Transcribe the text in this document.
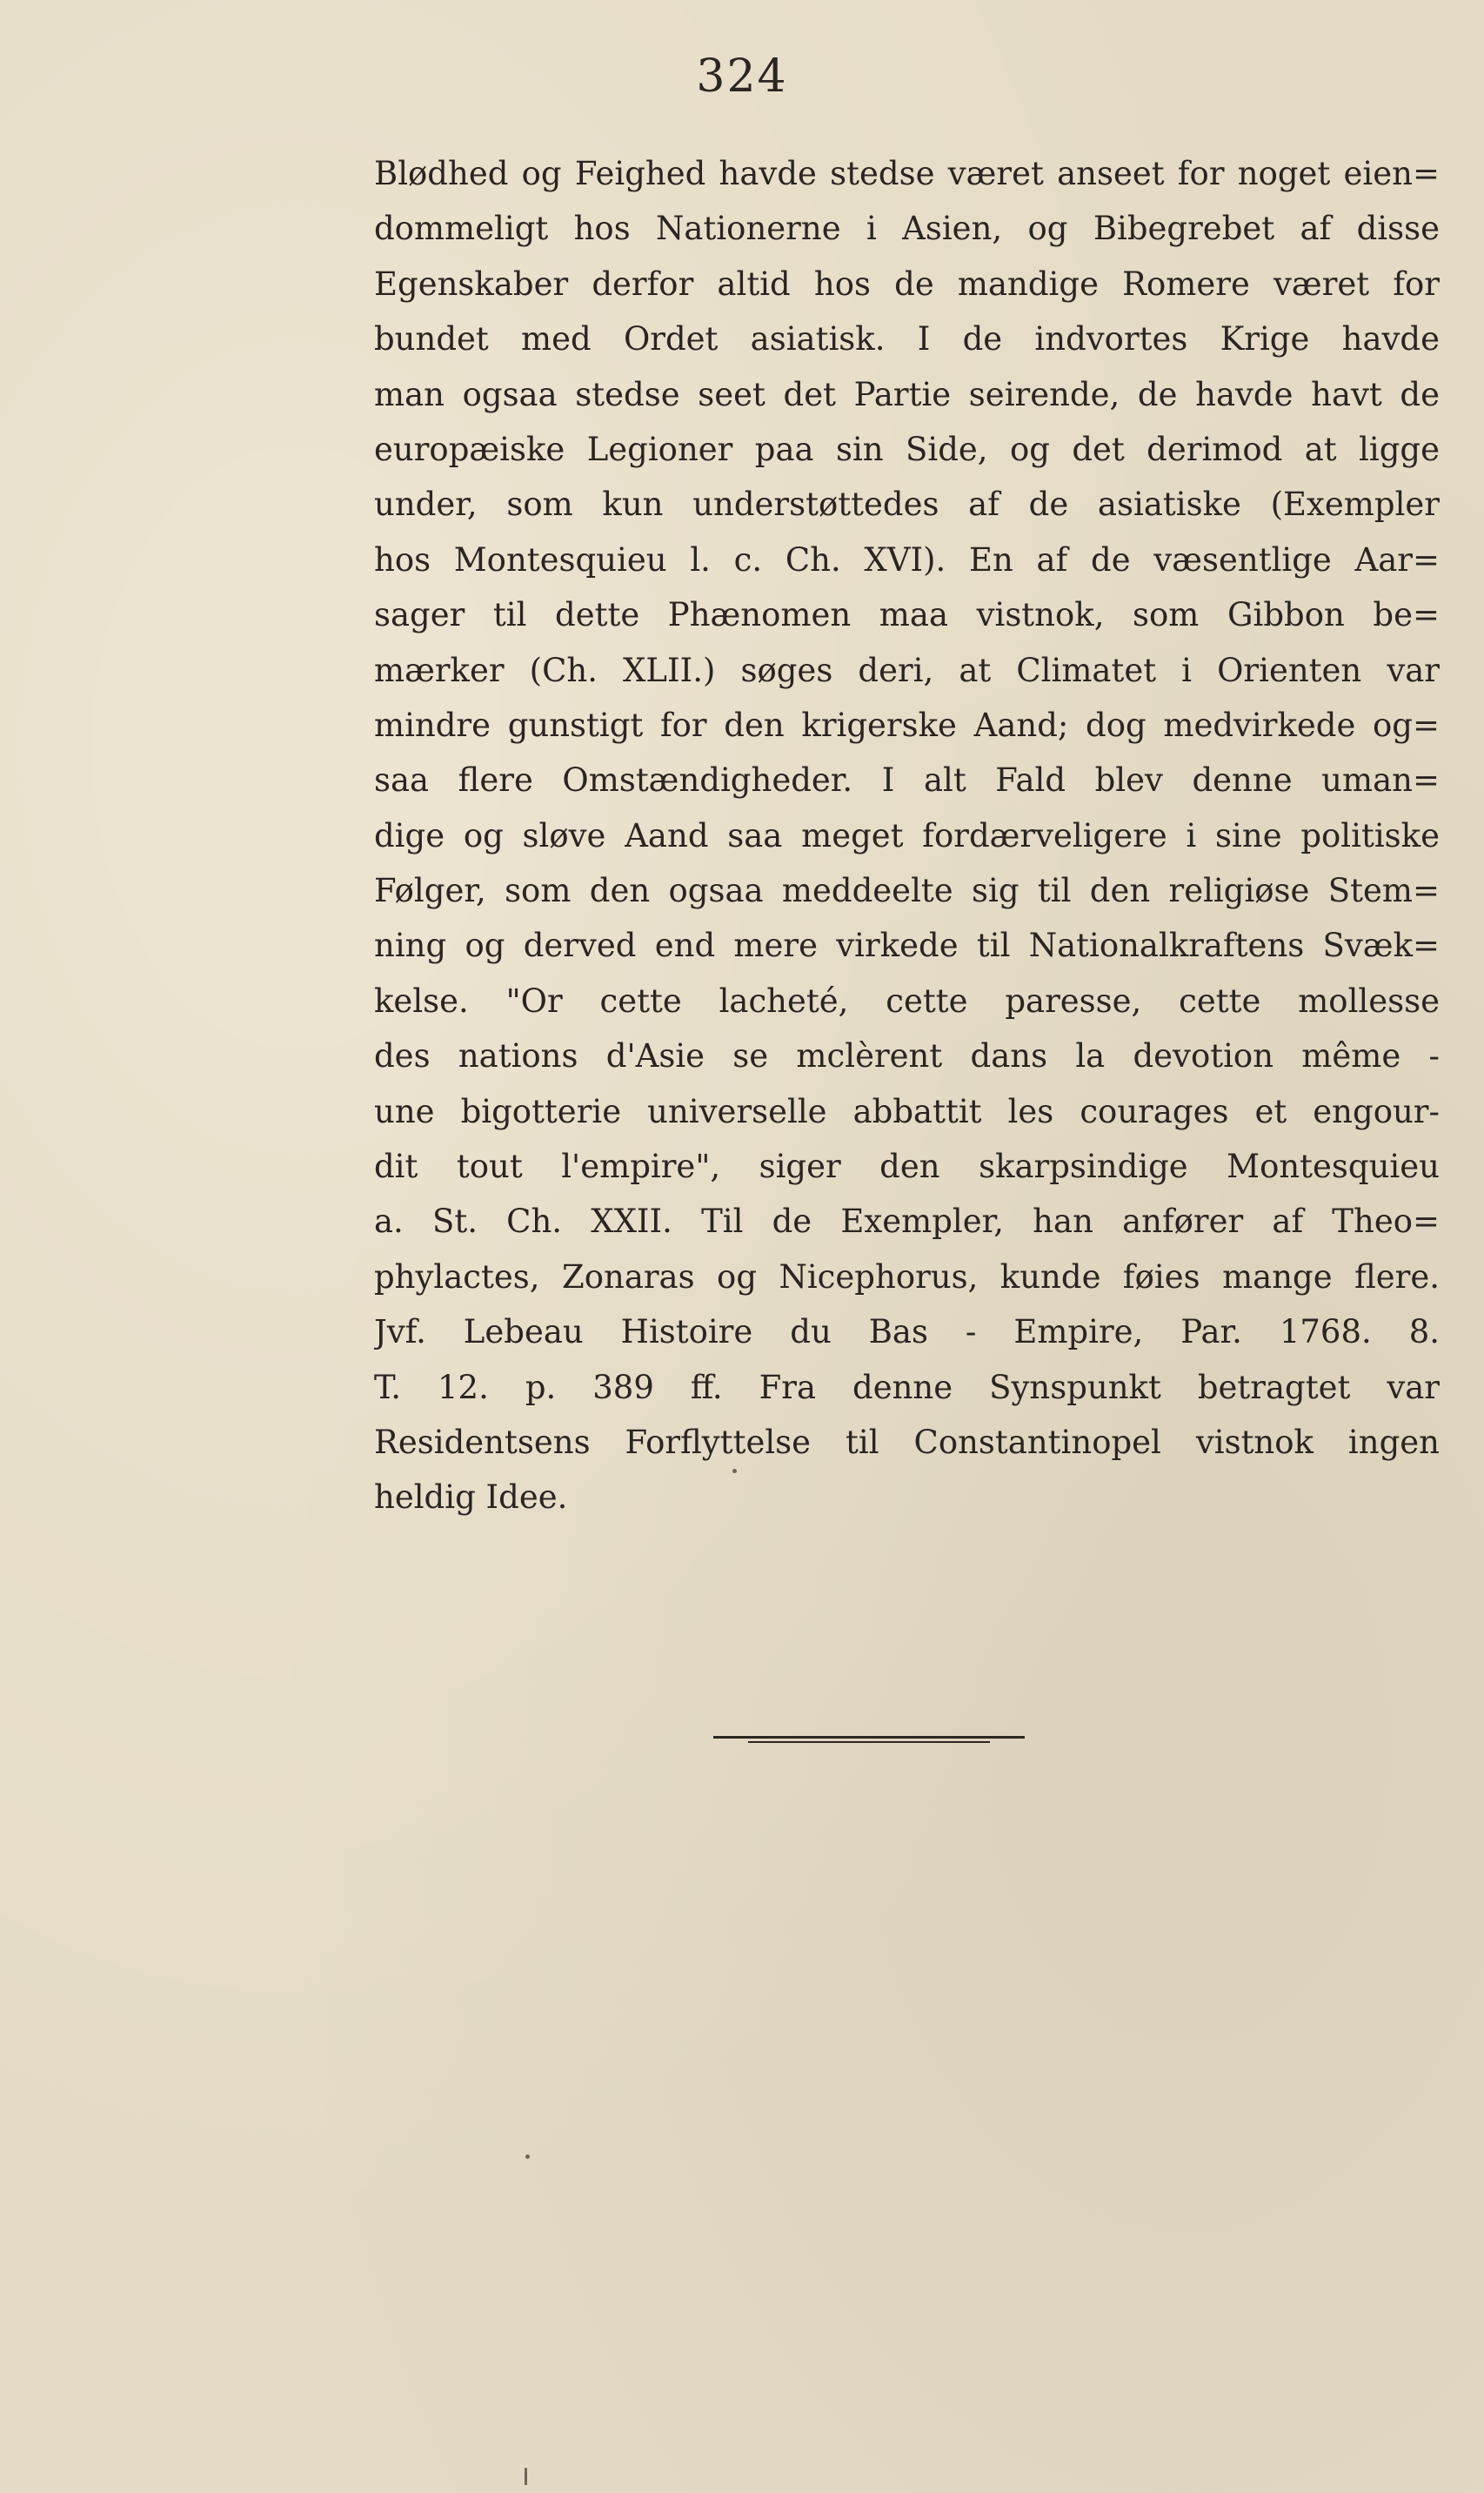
324
Blødhed og Feighed havde stedse været anseet for noget eien=
dommeligt hos Nationerne i Asien, og Bibegrebet af disse
Egenskaber derfor altid hos de mandige Romere været for
bundet med Ordet asiatisk. I de indvortes Krige havde
man ogsaa stedse seet det Partie seirende, de havde havt de
europæiske Legioner paa sin Side, og det derimod at ligge
under, som kun understøttedes af de asiatiske (Exempler
hos Montesquieu l. c. Ch. XVI). En af de væsentlige Aar=
sager til dette Phænomen maa vistnok, som Gibbon be=
mærker (Ch. XLII.) søges deri, at Climatet i Orienten var
mindre gunstigt for den krigerske Aand; dog medvirkede og=
saa flere Omstændigheder. I alt Fald blev denne uman=
dige og sløve Aand saa meget fordærveligere i sine politiske
Følger, som den ogsaa meddeelte sig til den religiøse Stem=
ning og derved end mere virkede til Nationalkraftens Svæk=
kelse. "Or cette lacheté, cette paresse, cette mollesse
des nations d'Asie se mclèrent dans la devotion même -
une bigotterie universelle abbattit les courages et engour-
dit tout l'empire", siger den skarpsindige Montesquieu
a. St. Ch. XXII. Til de Exempler, han anfører af Theo=
phylactes, Zonaras og Nicephorus, kunde føies mange flere.
Jvf. Lebeau Histoire du Bas - Empire, Par. 1768. 8.
T. 12. p. 389 ff. Fra denne Synspunkt betragtet var
Residentsens Forflyttelse til Constantinopel vistnok ingen
heldig Idee.
